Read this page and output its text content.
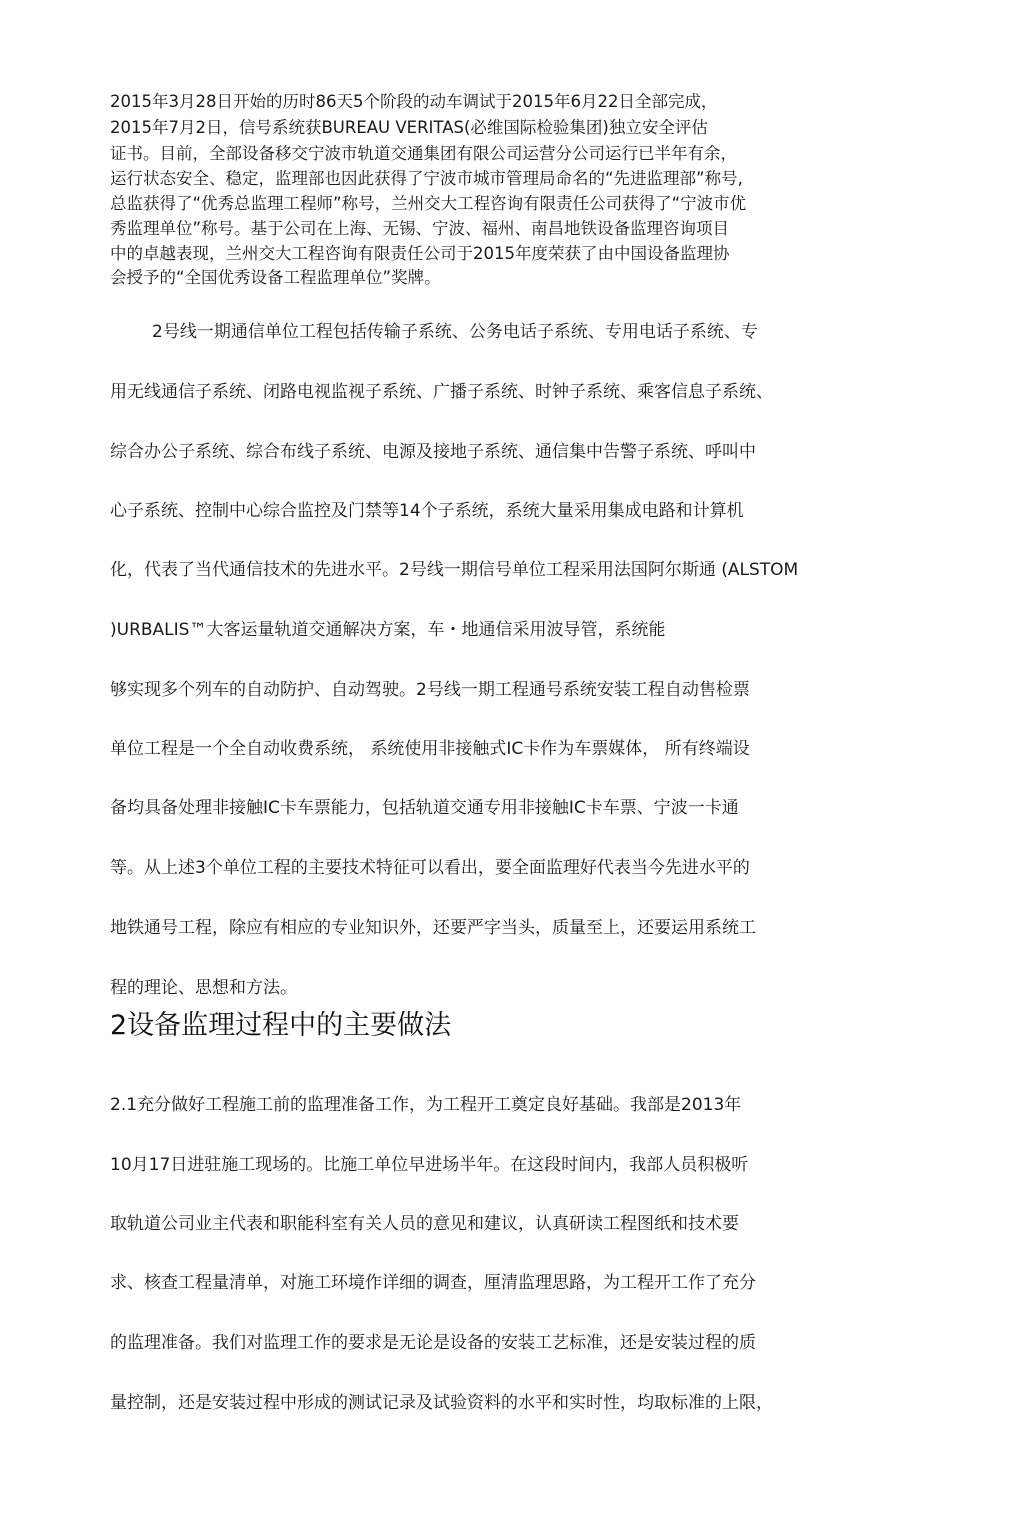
2015年3月28日开始的历时86天5个阶段的动车调试于2015年6月22日全部完成，
2015年7月2日，信号系统获BUREAU VERITAS(必维国际检验集团)独立安全评估
证书。目前，全部设备移交宁波市轨道交通集团有限公司运营分公司运行已半年有余，
运行状态安全、稳定，监理部也因此获得了宁波市城市管理局命名的“先进监理部”称号,
总监获得了“优秀总监理工程师”称号，兰州交大工程咨询有限责任公司获得了“宁波市优
秀监理单位”称号。基于公司在上海、无锡、宁波、福州、南昌地铁设备监理咨询项目
中的卓越表现，兰州交大工程咨询有限责任公司于2015年度荣获了由中国设备监理协
会授予的“全国优秀设备工程监理单位”奖牌。
2号线一期通信单位工程包括传输子系统、公务电话子系统、专用电话子系统、专
用无线通信子系统、闭路电视监视子系统、广播子系统、时钟子系统、乘客信息子系统、
综合办公子系统、综合布线子系统、电源及接地子系统、通信集中告警子系统、呼叫中
心子系统、控制中心综合监控及门禁等14个子系统，系统大量采用集成电路和计算机
化，代表了当代通信技术的先进水平。2号线一期信号单位工程采用法国阿尔斯通 (ALSTOM
)URBALIS™大客运量轨道交通解决方案，车・地通信采用波导管，系统能
够实现多个列车的自动防护、自动驾驶。2号线一期工程通号系统安装工程自动售检票
单位工程是一个全自动收费系统， 系统使用非接触式IC卡作为车票媒体， 所有终端设
备均具备处理非接触IC卡车票能力，包括轨道交通专用非接触IC卡车票、宁波一卡通
等。从上述3个单位工程的主要技术特征可以看出，要全面监理好代表当今先进水平的
地铁通号工程，除应有相应的专业知识外，还要严字当头，质量至上，还要运用系统工
程的理论、思想和方法。
2设备监理过程中的主要做法
2.1充分做好工程施工前的监理准备工作，为工程开工奠定良好基础。我部是2013年
10月17日进驻施工现场的。比施工单位早进场半年。在这段时间内，我部人员积极听
取轨道公司业主代表和职能科室有关人员的意见和建议，认真研读工程图纸和技术要
求、核查工程量清单，对施工环境作详细的调查，厘清监理思路，为工程开工作了充分
的监理准备。我们对监理工作的要求是无论是设备的安装工艺标准，还是安装过程的质
量控制，还是安装过程中形成的测试记录及试验资料的水平和实时性，均取标准的上限，
